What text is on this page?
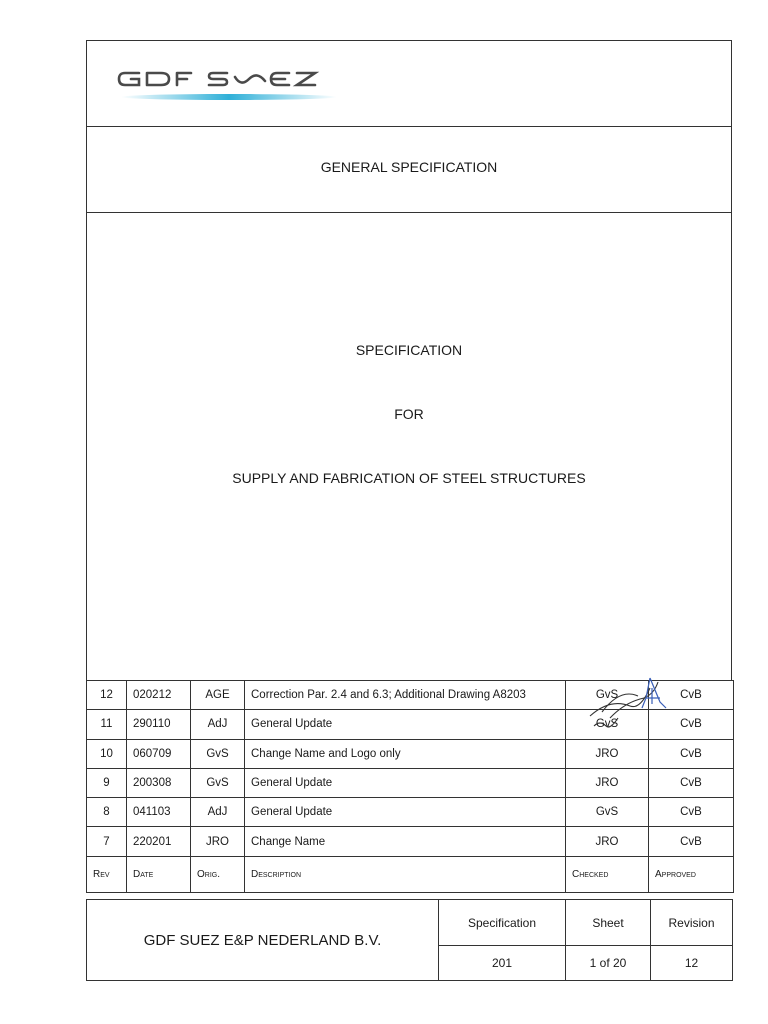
GENERAL SPECIFICATION
SPECIFICATION
FOR
SUPPLY AND FABRICATION OF STEEL STRUCTURES
12	020212	AGE	Correction Par. 2.4 and 6.3; Additional Drawing A8203	GvS	CvB
11	290110	AdJ	General Update	GvS	CvB
10	060709	GvS	Change Name and Logo only	JRO	CvB
9	200308	GvS	General Update	JRO	CvB
8	041103	AdJ	General Update	GvS	CvB
7	220201	JRO	Change Name	JRO	CvB
Rev	Date	Orig.	Description	Checked	Approved
GDF SUEZ E&P NEDERLAND B.V.
Specification	Sheet	Revision
201	1 of 20	12
